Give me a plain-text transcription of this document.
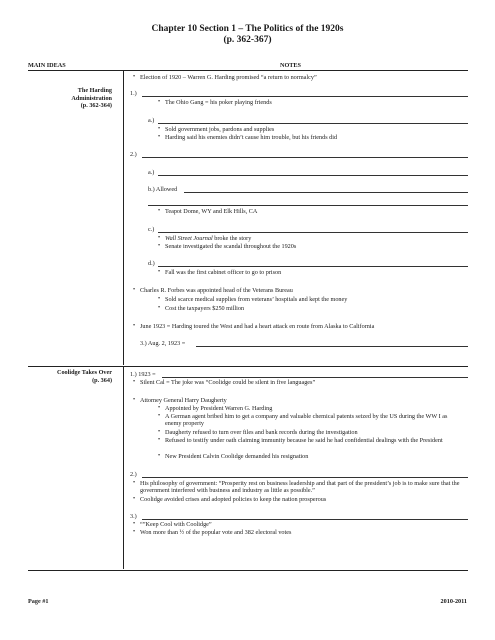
Chapter 10 Section 1 – The Politics of the 1920s
(p. 362-367)
MAIN IDEAS	NOTES
The Harding
Administration
(p. 362-364)
Coolidge Takes Over
(p. 364)
• Election of 1920 – Warren G. Harding promised “a return to normalcy”
1.)
• The Ohio Gang = his poker playing friends
a.)
• Sold government jobs, pardons and supplies
• Harding said his enemies didn’t cause him trouble, but his friends did
2.)
a.)
b.) Allowed
• Teapot Dome, WY and Elk Hills, CA
c.)
• Wall Street Journal broke the story
• Senate investigated the scandal throughout the 1920s
d.)
• Fall was the first cabinet officer to go to prison
• Charles R. Forbes was appointed head of the Veterans Bureau
• Sold scarce medical supplies from veterans’ hospitals and kept the money
• Cost the taxpayers $250 million
• June 1923 = Harding toured the West and had a heart attack en route from Alaska to California
3.) Aug. 2, 1923 =
1.) 1923 =
• Silent Cal = The joke was “Coolidge could be silent in five languages”
• Attorney General Harry Daugherty
• Appointed by President Warren G. Harding
• A German agent bribed him to get a company and valuable chemical patents seized by the US during the WW I as enemy property
• Daugherty refused to turn over files and bank records during the investigation
• Refused to testify under oath claiming immunity because he said he had confidential dealings with the President
• New President Calvin Coolidge demanded his resignation
2.)
• His philosophy of government: “Prosperity rest on business leadership and that part of the president’s job is to make sure that the government interfered with business and industry as little as possible.”
• Coolidge avoided crises and adopted policies to keep the nation prosperous
3.)
• “”Keep Cool with Coolidge”
• Won more than ½ of the popular vote and 382 electoral votes
Page #1	2010-2011
